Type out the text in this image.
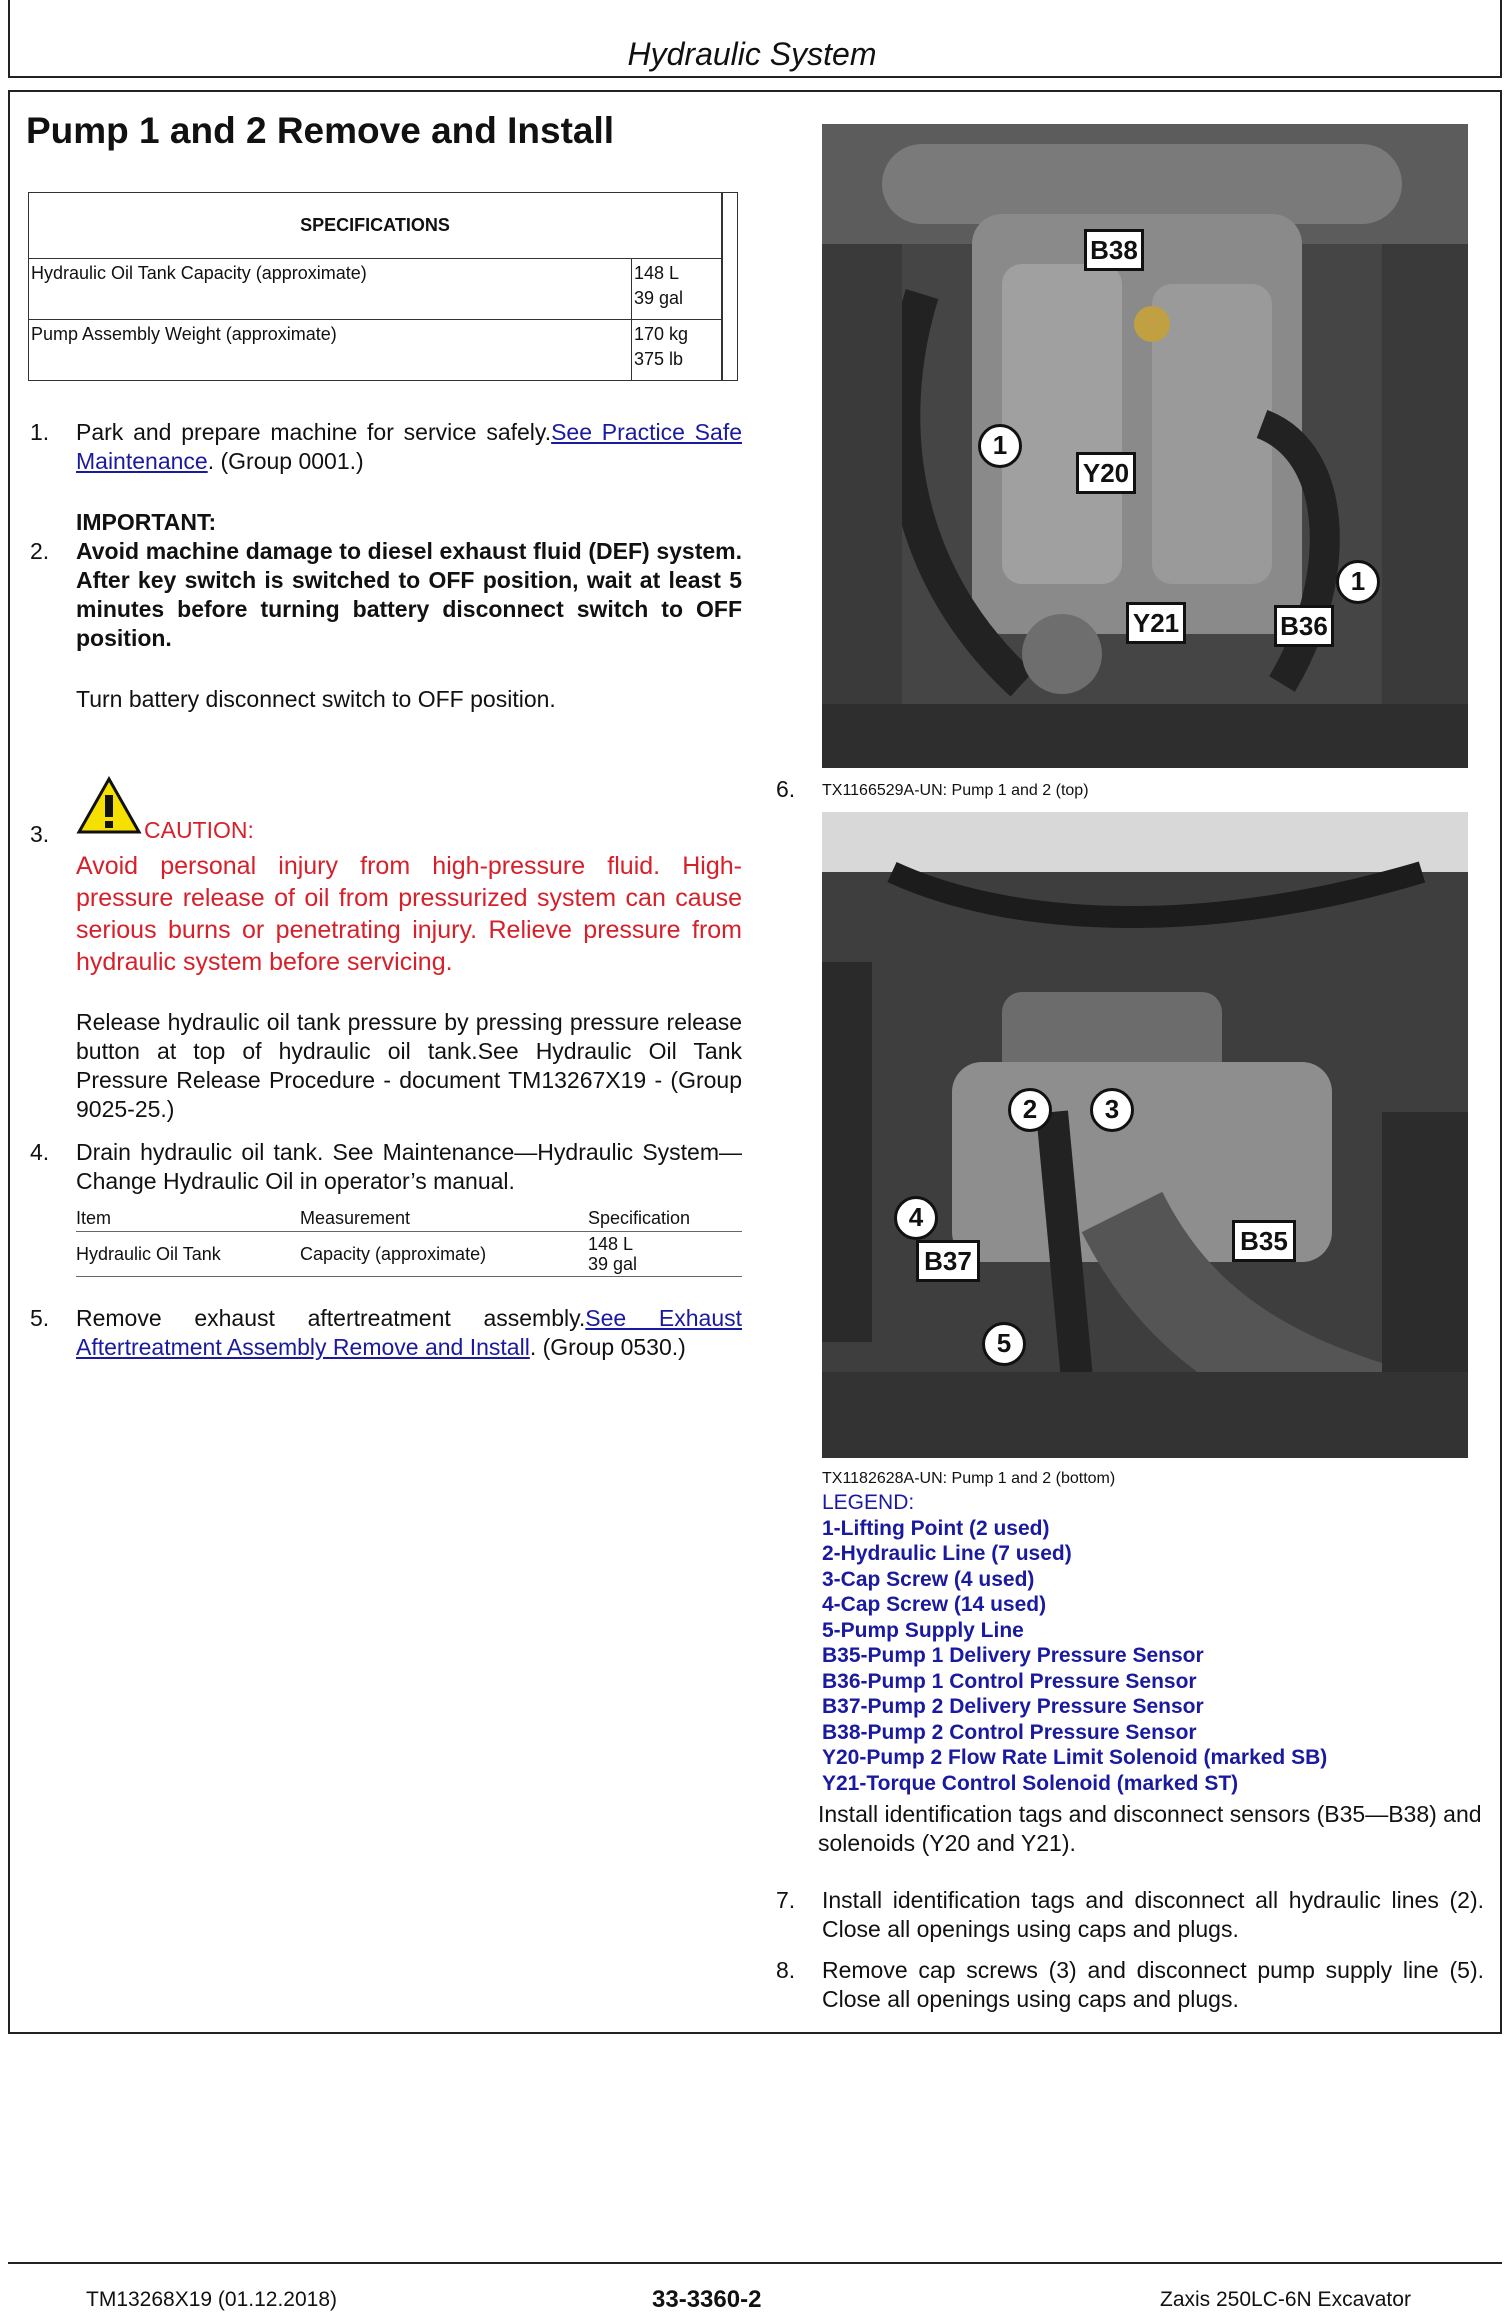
Hydraulic System
Pump 1 and 2 Remove and Install
SPECIFICATIONS		
Hydraulic Oil Tank Capacity (approximate)	148 L
39 gal	

Pump Assembly Weight (approximate)	170 kg
375 lb	
1. Park and prepare machine for service safely.See Practice Safe Maintenance. (Group 0001.)
IMPORTANT:
2. Avoid machine damage to diesel exhaust fluid (DEF) system. After key switch is switched to OFF position, wait at least 5 minutes before turning battery disconnect switch to OFF position.
Turn battery disconnect switch to OFF position.
3.	CAUTION:
Avoid personal injury from high-pressure fluid. High-pressure release of oil from pressurized system can cause serious burns or penetrating injury. Relieve pressure from hydraulic system before servicing.
Release hydraulic oil tank pressure by pressing pressure release button at top of hydraulic oil tank.See Hydraulic Oil Tank Pressure Release Procedure - document TM13267X19 - (Group 9025-25.)
4. Drain hydraulic oil tank. See Maintenance—Hydraulic System—Change Hydraulic Oil in operator’s manual.
Item	Measurement	Specification
Hydraulic Oil Tank	Capacity (approximate)	148 L
39 gal
5. Remove exhaust aftertreatment assembly.See Exhaust Aftertreatment Assembly Remove and Install. (Group 0530.)
B38
Y20
Y21	B36
1
1
6. TX1166529A-UN: Pump 1 and 2 (top)
2	3
4
5
B37
B35
TX1182628A-UN: Pump 1 and 2 (bottom)
LEGEND:
1-Lifting Point (2 used)
2-Hydraulic Line (7 used)
3-Cap Screw (4 used)
4-Cap Screw (14 used)
5-Pump Supply Line
B35-Pump 1 Delivery Pressure Sensor
B36-Pump 1 Control Pressure Sensor
B37-Pump 2 Delivery Pressure Sensor
B38-Pump 2 Control Pressure Sensor
Y20-Pump 2 Flow Rate Limit Solenoid (marked SB)
Y21-Torque Control Solenoid (marked ST)
Install identification tags and disconnect sensors (B35—B38) and solenoids (Y20 and Y21).
7. Install identification tags and disconnect all hydraulic lines (2). Close all openings using caps and plugs.
8. Remove cap screws (3) and disconnect pump supply line (5). Close all openings using caps and plugs.
TM13268X19 (01.12.2018)	33-3360-2	Zaxis 250LC-6N Excavator
